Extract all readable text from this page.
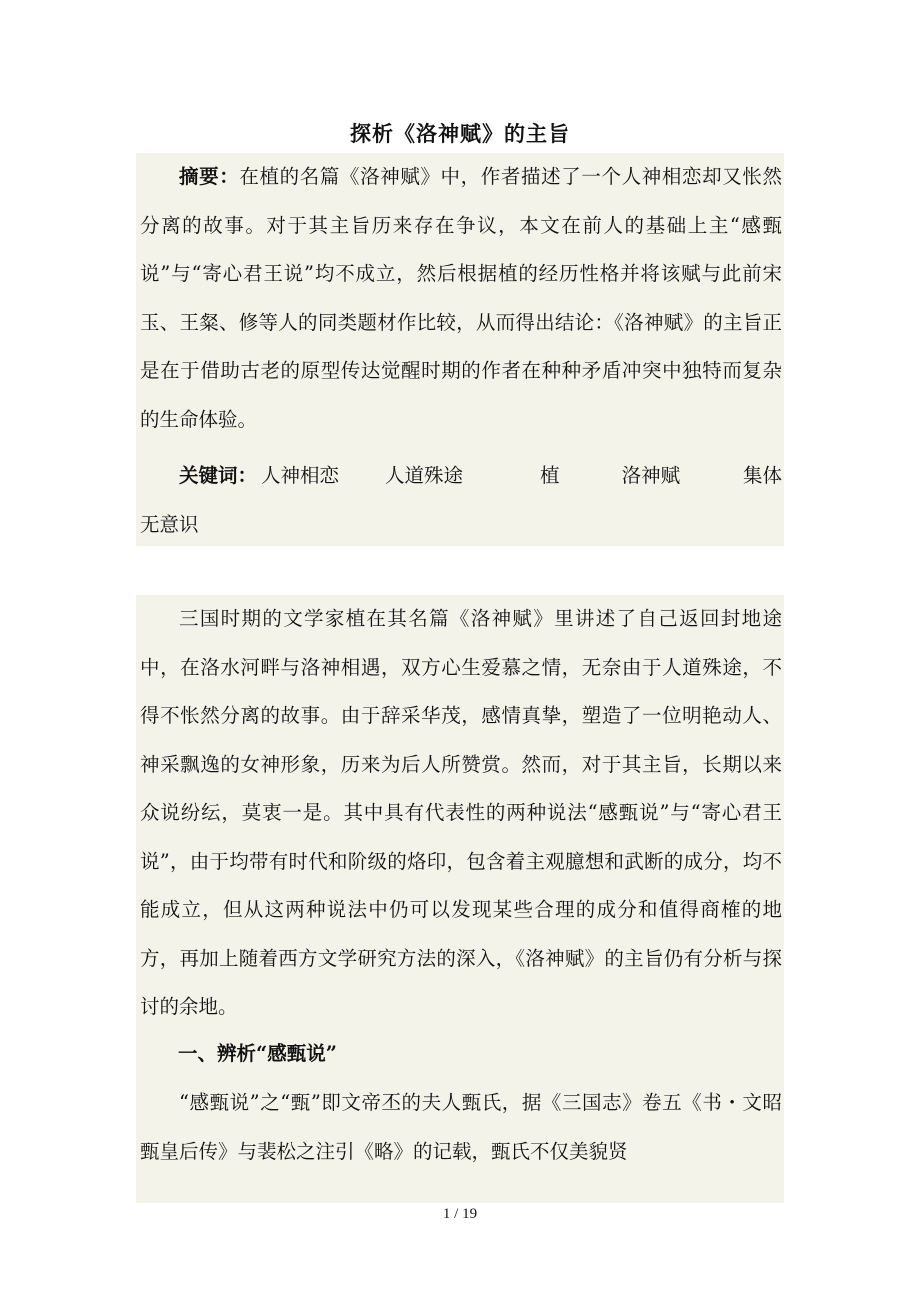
探析《洛神赋》的主旨

摘要：在植的名篇《洛神赋》中，作者描述了一个人神相恋却又怅然分离的故事。对于其主旨历来存在争议，本文在前人的基础上主“感甄说”与“寄心君王说”均不成立，然后根据植的经历性格并将该赋与此前宋玉、王粲、修等人的同类题材作比较，从而得出结论：《洛神赋》的主旨正是在于借助古老的原型传达觉醒时期的作者在种种矛盾冲突中独特而复杂的生命体验。

关键词： 人神相恋 人道殊途	植	洛神赋	集体
无意识

三国时期的文学家植在其名篇《洛神赋》里讲述了自己返回封地途中，在洛水河畔与洛神相遇，双方心生爱慕之情，无奈由于人道殊途，不得不怅然分离的故事。由于辞采华茂，感情真挚，塑造了一位明艳动人、神采飘逸的女神形象，历来为后人所赞赏。然而，对于其主旨，长期以来众说纷纭，莫衷一是。其中具有代表性的两种说法“感甄说”与“寄心君王说”，由于均带有时代和阶级的烙印，包含着主观臆想和武断的成分，均不能成立，但从这两种说法中仍可以发现某些合理的成分和值得商榷的地方，再加上随着西方文学研究方法的深入，《洛神赋》的主旨仍有分析与探讨的余地。

一、辨析“感甄说”

“感甄说”之“甄”即文帝丕的夫人甄氏，据《三国志》卷五《书・文昭甄皇后传》与裴松之注引《略》的记载，甄氏不仅美貌贤

1 / 19
